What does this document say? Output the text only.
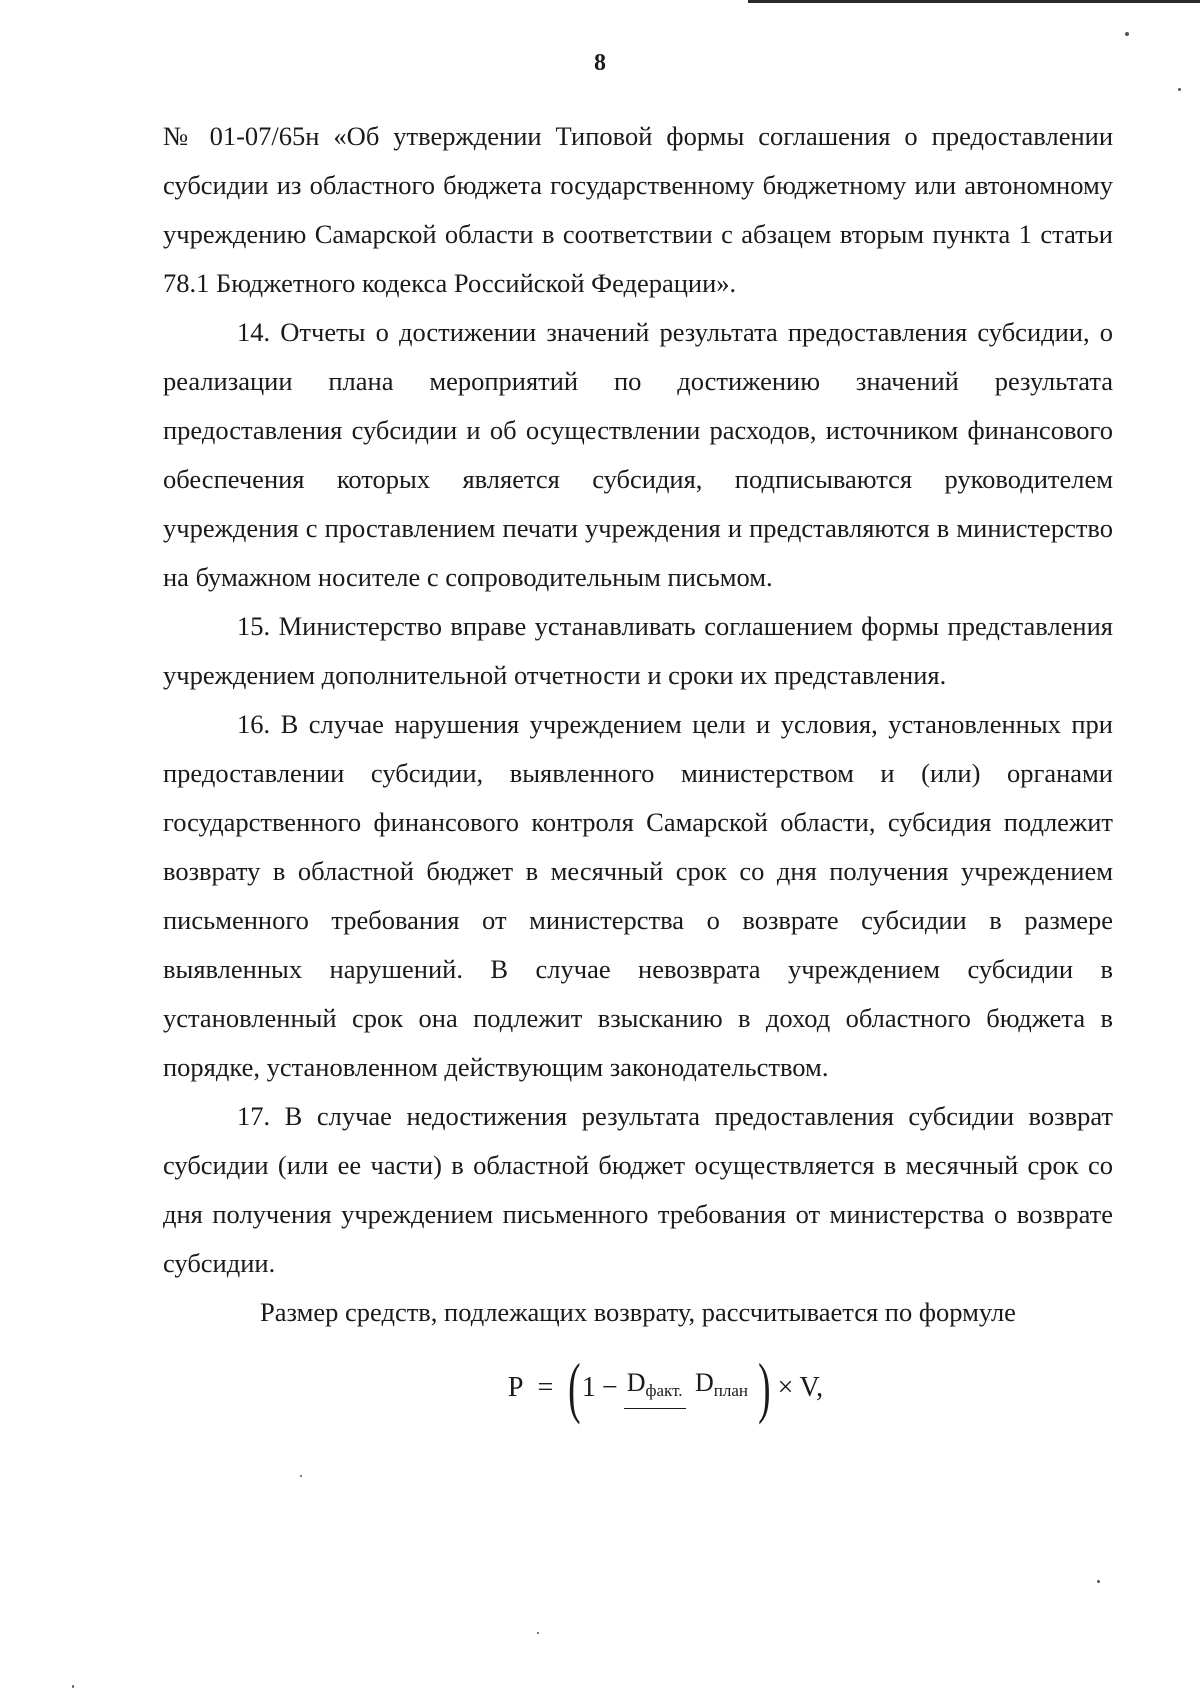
8

№ 01-07/65н «Об утверждении Типовой формы соглашения о предоставлении субсидии из областного бюджета государственному бюджетному или автономному учреждению Самарской области в соответствии с абзацем вторым пункта 1 статьи 78.1 Бюджетного кодекса Российской Федерации».

14. Отчеты о достижении значений результата предоставления субсидии, о реализации плана мероприятий по достижению значений результата предоставления субсидии и об осуществлении расходов, источником финансового обеспечения которых является субсидия, подписываются руководителем учреждения с проставлением печати учреждения и представляются в министерство на бумажном носителе с сопроводительным письмом.

15. Министерство вправе устанавливать соглашением формы представления учреждением дополнительной отчетности и сроки их представления.

16. В случае нарушения учреждением цели и условия, установленных при предоставлении субсидии, выявленного министерством и (или) органами государственного финансового контроля Самарской области, субсидия подлежит возврату в областной бюджет в месячный срок со дня получения учреждением письменного требования от министерства о возврате субсидии в размере выявленных нарушений. В случае невозврата учреждением субсидии в установленный срок она подлежит взысканию в доход областного бюджета в порядке, установленном действующим законодательством.

17. В случае недостижения результата предоставления субсидии возврат субсидии (или ее части) в областной бюджет осуществляется в месячный срок со дня получения учреждением письменного требования от министерства о возврате субсидии.

Размер средств, подлежащих возврату, рассчитывается по формуле

P = ( $1 - D_{факт.}$ $D_{план}$ ) × V,
